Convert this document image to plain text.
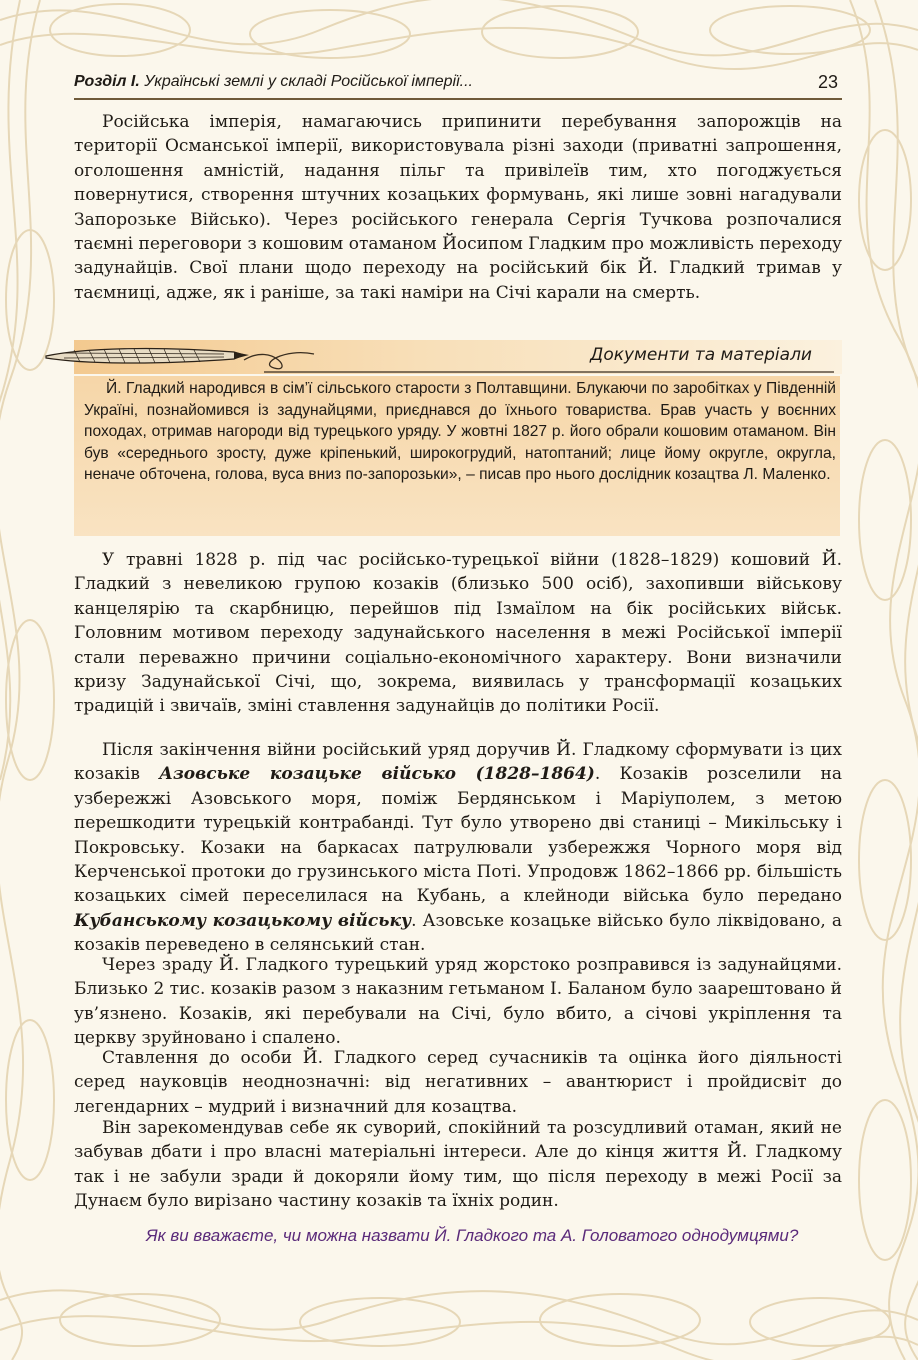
Розділ I. Українські землі у складі Російської імперії...	23

Російська імперія, намагаючись припинити перебування запорожців на території Османської імперії, використовувала різні заходи (приватні запрошення, оголошення амністій, надання пільг та привілеїв тим, хто погоджується повернутися, створення штучних козацьких формувань, які лише зовні нагадували Запорозьке Військо). Через російського генерала Сергія Тучкова розпочалися таємні переговори з кошовим отаманом Йосипом Гладким про можливість переходу задунайців. Свої плани щодо переходу на російський бік Й. Гладкий тримав у таємниці, адже, як і раніше, за такі наміри на Січі карали на смерть.

Документи та матеріали

Й. Гладкий народився в сім’ї сільського старости з Полтавщини. Блукаючи по заробітках у Південній Україні, познайомився із задунайцями, приєднався до їхнього товариства. Брав участь у воєнних походах, отримав нагороди від турецького уряду. У жовтні 1827 р. його обрали кошовим отаманом. Він був «середнього зросту, дуже кріпенький, широкогрудий, натоптаний; лице йому округле, округла, неначе обточена, голова, вуса вниз по-запорозьки», – писав про нього дослідник козацтва Л. Маленко.

У травні 1828 р. під час російсько-турецької війни (1828–1829) кошовий Й. Гладкий з невеликою групою козаків (близько 500 осіб), захопивши військову канцелярію та скарбницю, перейшов під Ізмаїлом на бік російських військ. Головним мотивом переходу задунайського населення в межі Російської імперії стали переважно причини соціально-економічного характеру. Вони визначили кризу Задунайської Січі, що, зокрема, виявилась у трансформації козацьких традицій і звичаїв, зміні ставлення задунайців до політики Росії.

Після закінчення війни російський уряд доручив Й. Гладкому сформувати із цих козаків Азовське козацьке військо (1828–1864). Козаків розселили на узбережжі Азовського моря, поміж Бердянськом і Маріуполем, з метою перешкодити турецькій контрабанді. Тут було утворено дві станиці – Микільську і Покровську. Козаки на баркасах патрулювали узбережжя Чорного моря від Керченської протоки до грузинського міста Поті. Упродовж 1862–1866 рр. більшість козацьких сімей переселилася на Кубань, а клейноди війська було передано Кубанському козацькому війську. Азовське козацьке військо було ліквідовано, а козаків переведено в селянський стан.

Через зраду Й. Гладкого турецький уряд жорстоко розправився із задунайцями. Близько 2 тис. козаків разом з наказним гетьманом І. Баланом було заарештовано й ув’язнено. Козаків, які перебували на Січі, було вбито, а січові укріплення та церкву зруйновано і спалено.

Ставлення до особи Й. Гладкого серед сучасників та оцінка його діяльності серед науковців неоднозначні: від негативних – авантюрист і пройдисвіт до легендарних – мудрий і визначний для козацтва.

Він зарекомендував себе як суворий, спокійний та розсудливий отаман, який не забував дбати і про власні матеріальні інтереси. Але до кінця життя Й. Гладкому так і не забули зради й докоряли йому тим, що після переходу в межі Росії за Дунаєм було вирізано частину козаків та їхніх родин.

Як ви вважаєте, чи можна назвати Й. Гладкого та А. Головатого однодумцями?
